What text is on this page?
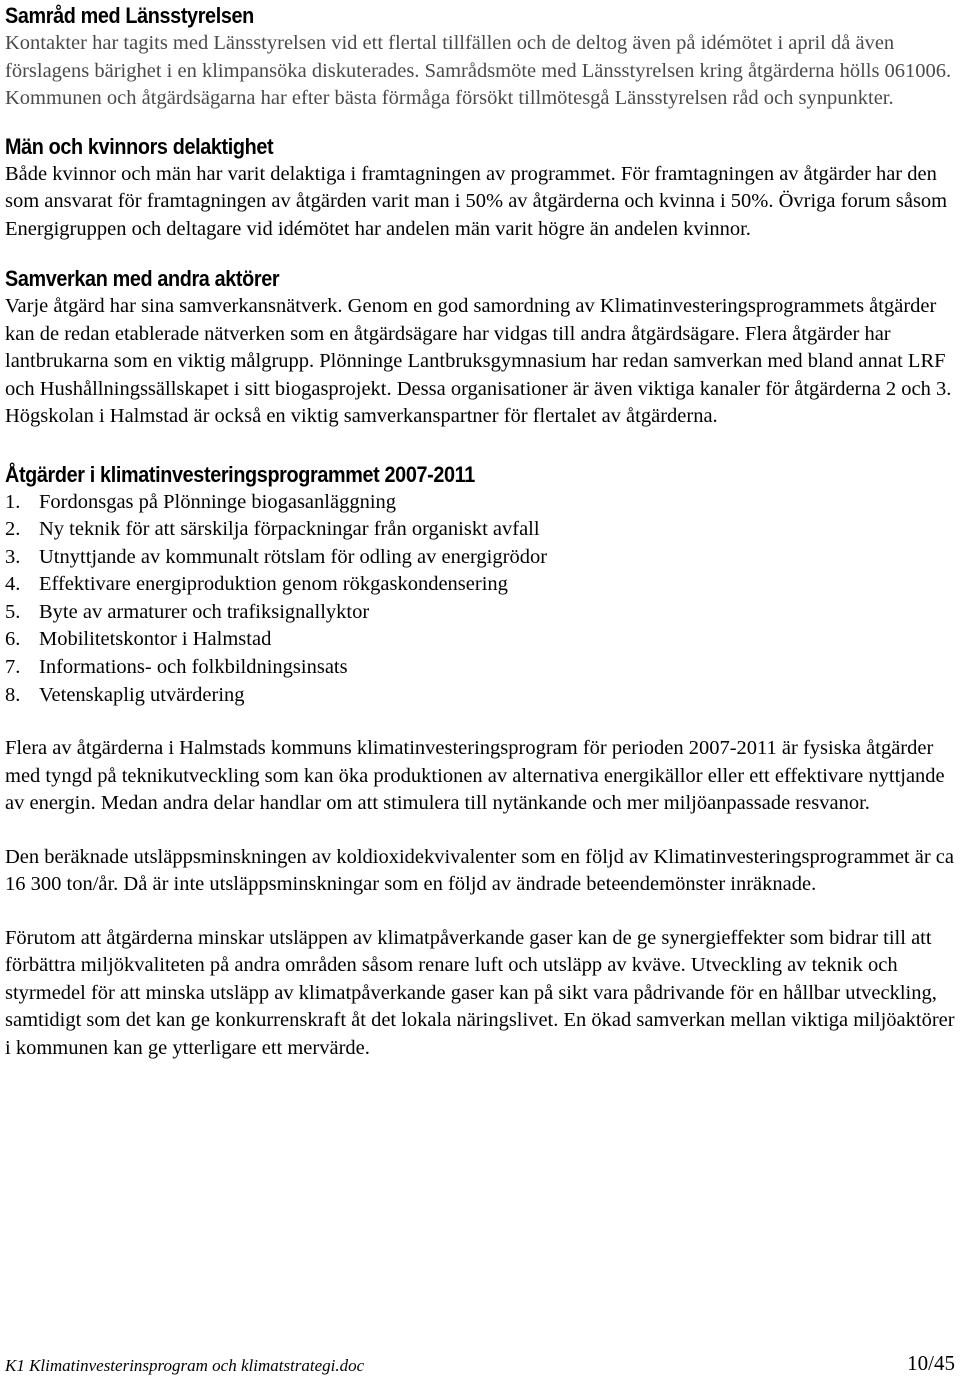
Samråd med Länsstyrelsen

Kontakter har tagits med Länsstyrelsen vid ett flertal tillfällen och de deltog även på idémötet i april då även förslagens bärighet i en klimpansöka diskuterades. Samrådsmöte med Länsstyrelsen kring åtgärderna hölls 061006. Kommunen och åtgärdsägarna har efter bästa förmåga försökt tillmötesgå Länsstyrelsen råd och synpunkter.

Män och kvinnors delaktighet

Både kvinnor och män har varit delaktiga i framtagningen av programmet. För framtagningen av åtgärder har den som ansvarat för framtagningen av åtgärden varit man i 50% av åtgärderna och kvinna i 50%. Övriga forum såsom Energigruppen och deltagare vid idémötet har andelen män varit högre än andelen kvinnor.

Samverkan med andra aktörer

Varje åtgärd har sina samverkansnätverk. Genom en god samordning av Klimatinvesteringsprogrammets åtgärder kan de redan etablerade nätverken som en åtgärdsägare har vidgas till andra åtgärdsägare. Flera åtgärder har lantbrukarna som en viktig målgrupp. Plönninge Lantbruksgymnasium har redan samverkan med bland annat LRF och Hushållningssällskapet i sitt biogasprojekt. Dessa organisationer är även viktiga kanaler för åtgärderna 2 och 3. Högskolan i Halmstad är också en viktig samverkanspartner för flertalet av åtgärderna.

Åtgärder i klimatinvesteringsprogrammet 2007-2011
1. Fordonsgas på Plönninge biogasanläggning
2. Ny teknik för att särskilja förpackningar från organiskt avfall
3. Utnyttjande av kommunalt rötslam för odling av energigrödor
4. Effektivare energiproduktion genom rökgaskondensering
5. Byte av armaturer och trafiksignallyktor
6. Mobilitetskontor i Halmstad
7. Informations- och folkbildningsinsats
8. Vetenskaplig utvärdering

Flera av åtgärderna i Halmstads kommuns klimatinvesteringsprogram för perioden 2007-2011 är fysiska åtgärder med tyngd på teknikutveckling som kan öka produktionen av alternativa energikällor eller ett effektivare nyttjande av energin. Medan andra delar handlar om att stimulera till nytänkande och mer miljöanpassade resvanor.

Den beräknade utsläppsminskningen av koldioxidekvivalenter som en följd av Klimatinvesteringsprogrammet är ca 16 300 ton/år. Då är inte utsläppsminskningar som en följd av ändrade beteendemönster inräknade.

Förutom att åtgärderna minskar utsläppen av klimatpåverkande gaser kan de ge synergieffekter som bidrar till att förbättra miljökvaliteten på andra områden såsom renare luft och utsläpp av kväve. Utveckling av teknik och styrmedel för att minska utsläpp av klimatpåverkande gaser kan på sikt vara pådrivande för en hållbar utveckling, samtidigt som det kan ge konkurrenskraft åt det lokala näringslivet. En ökad samverkan mellan viktiga miljöaktörer i kommunen kan ge ytterligare ett mervärde.

K1 Klimatinvesterinsprogram och klimatstrategi.doc	10/45
